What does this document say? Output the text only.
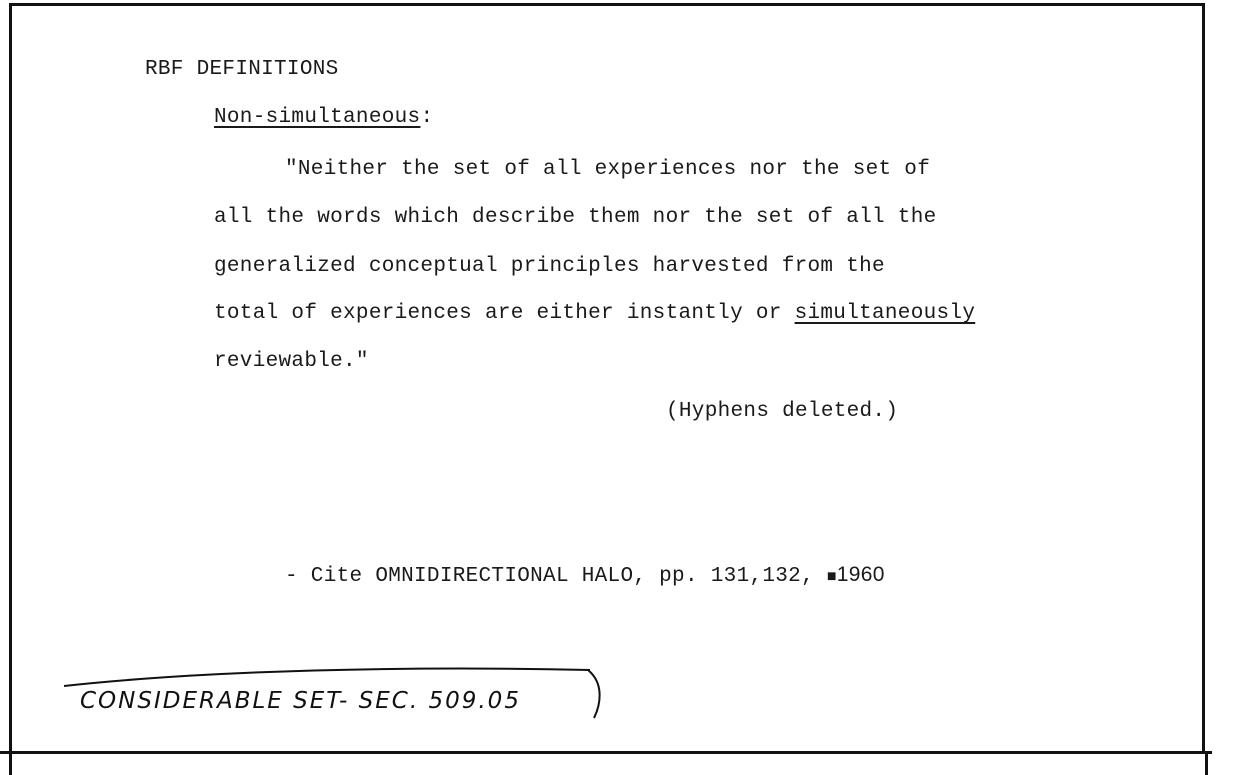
RBF DEFINITIONS
Non-simultaneous:
"Neither the set of all experiences nor the set of
all the words which describe them nor the set of all the
generalized conceptual principles harvested from the
total of experiences are either instantly or simultaneously
reviewable."
(Hyphens deleted.)
- Cite OMNIDIRECTIONAL HALO, pp. 131,132, ■1960
CONSIDERABLE SET- SEC. 509.05
